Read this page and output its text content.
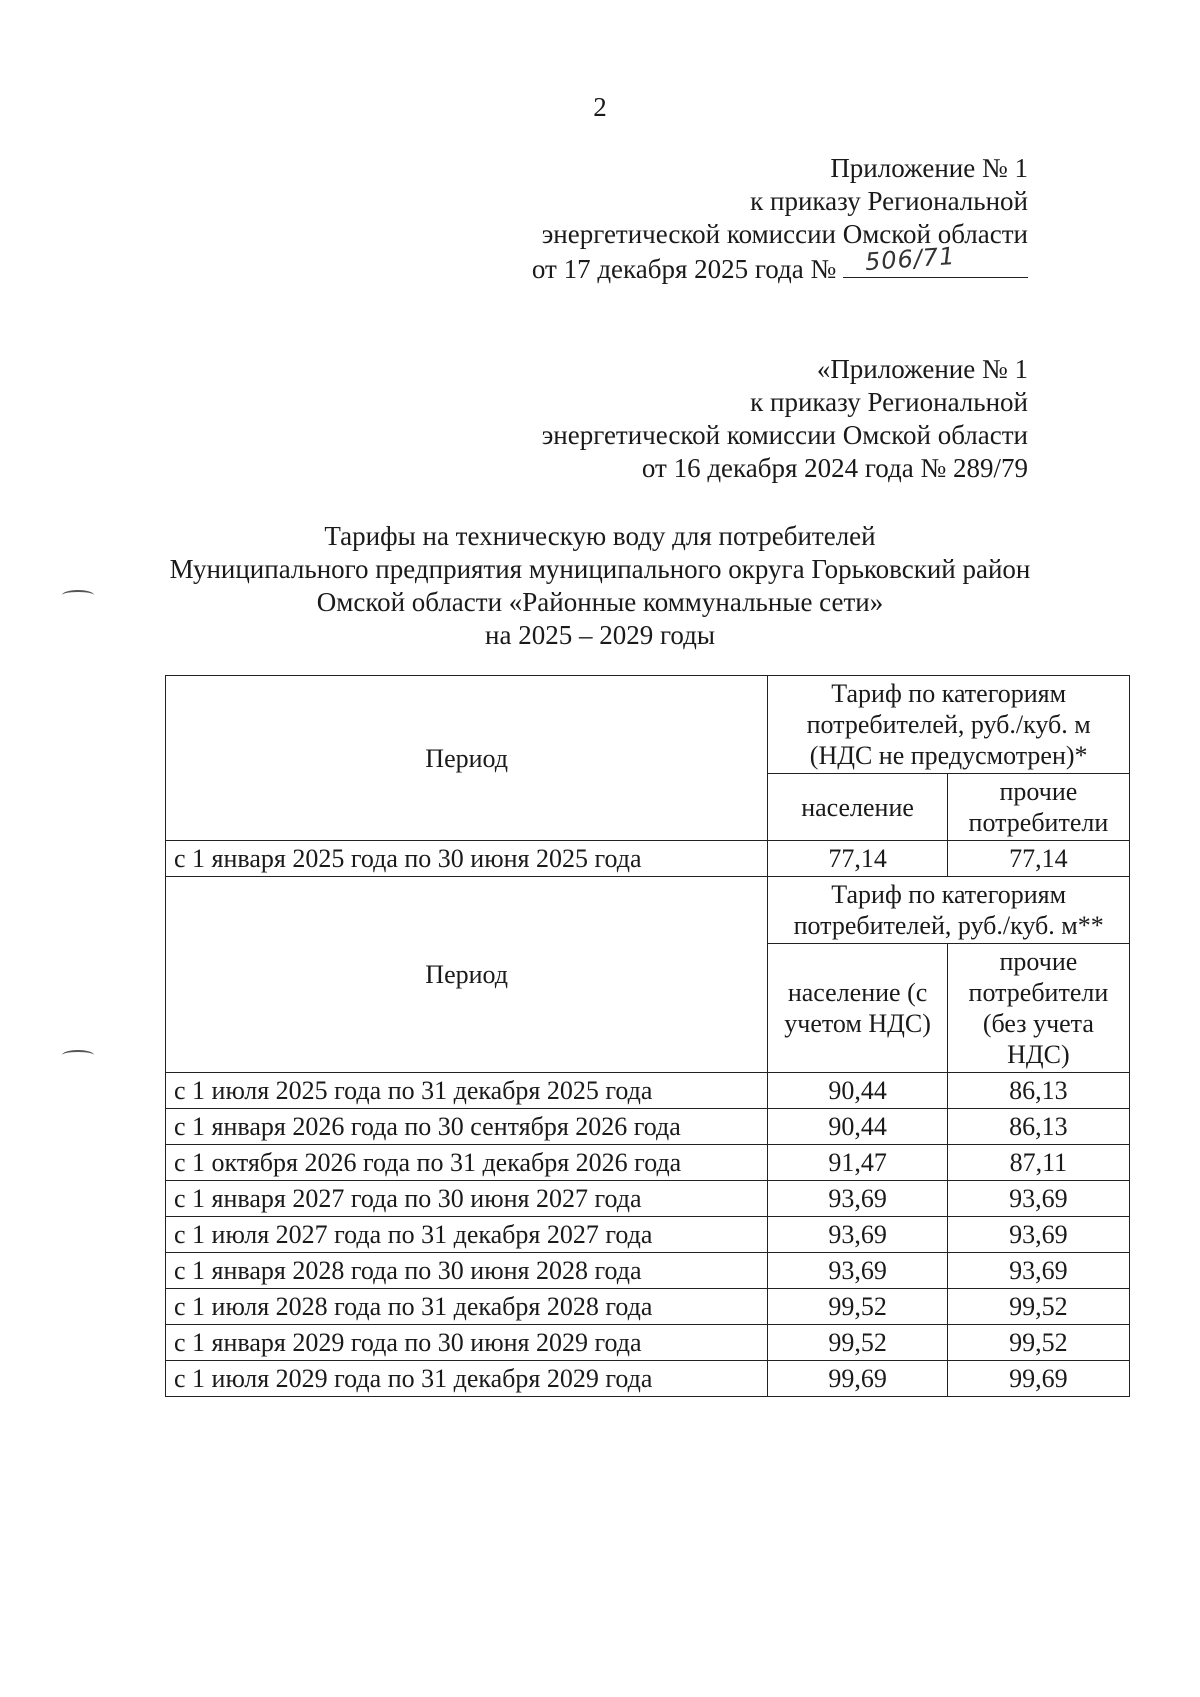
2
Приложение № 1
к приказу Региональной
энергетической комиссии Омской области
от 17 декабря 2025 года № 506/71
«Приложение № 1
к приказу Региональной
энергетической комиссии Омской области
от 16 декабря 2024 года № 289/79
Тарифы на техническую воду для потребителей
Муниципального предприятия муниципального округа Горьковский район
Омской области «Районные коммунальные сети»
на 2025 – 2029 годы
Период	Тариф по категориям потребителей, руб./куб. м (НДС не предусмотрен)*	
	население	прочие потребители
с 1 января 2025 года по 30 июня 2025 года	77,14	77,14
Период	Тариф по категориям потребителей, руб./куб. м**	
	население (с учетом НДС)	прочие потребители (без учета НДС)
с 1 июля 2025 года по 31 декабря 2025 года	90,44	86,13
с 1 января 2026 года по 30 сентября 2026 года	90,44	86,13
с 1 октября 2026 года по 31 декабря 2026 года	91,47	87,11
с 1 января 2027 года по 30 июня 2027 года	93,69	93,69
с 1 июля 2027 года по 31 декабря 2027 года	93,69	93,69
с 1 января 2028 года по 30 июня 2028 года	93,69	93,69
с 1 июля 2028 года по 31 декабря 2028 года	99,52	99,52
с 1 января 2029 года по 30 июня 2029 года	99,52	99,52
с 1 июля 2029 года по 31 декабря 2029 года	99,69	99,69
